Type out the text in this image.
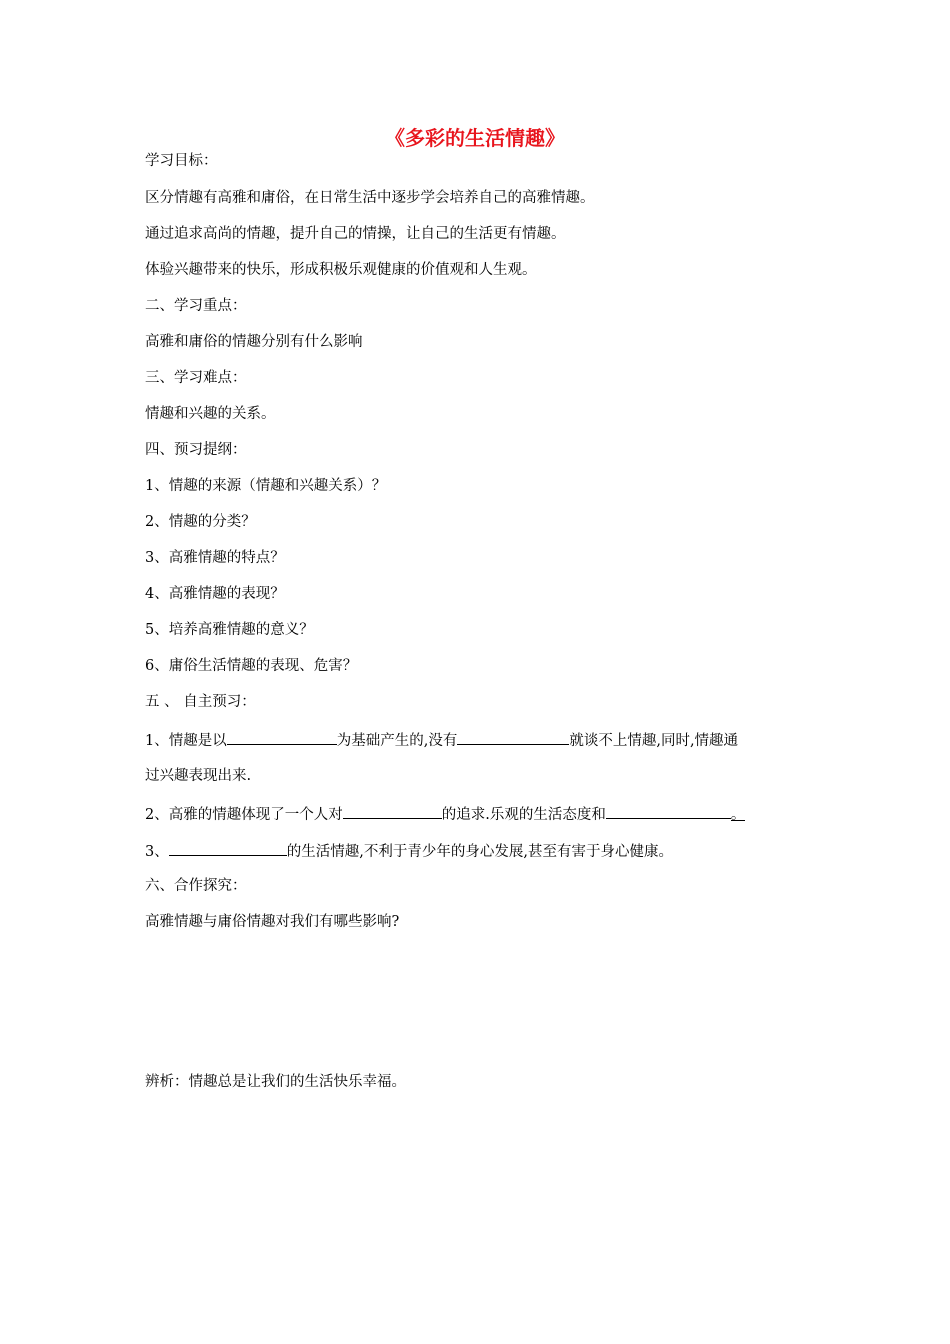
《多彩的生活情趣》
学习目标：
区分情趣有高雅和庸俗，在日常生活中逐步学会培养自己的高雅情趣。
通过追求高尚的情趣，提升自己的情操，让自己的生活更有情趣。
体验兴趣带来的快乐，形成积极乐观健康的价值观和人生观。
二、学习重点：
高雅和庸俗的情趣分别有什么影响
三、学习难点：
情趣和兴趣的关系。
四、预习提纲：
1、情趣的来源（情趣和兴趣关系）？
2、情趣的分类？
3、高雅情趣的特点？
4、高雅情趣的表现？
5、培养高雅情趣的意义？
6、庸俗生活情趣的表现、危害？
五 、 自主预习：
1、情趣是以	为基础产生的,没有	就谈不上情趣,同时,情趣通
过兴趣表现出来.
2、高雅的情趣体现了一个人对	的追求.乐观的生活态度和	。
3、	的生活情趣,不利于青少年的身心发展,甚至有害于身心健康。
六、合作探究：
高雅情趣与庸俗情趣对我们有哪些影响?
辨析：情趣总是让我们的生活快乐幸福。
